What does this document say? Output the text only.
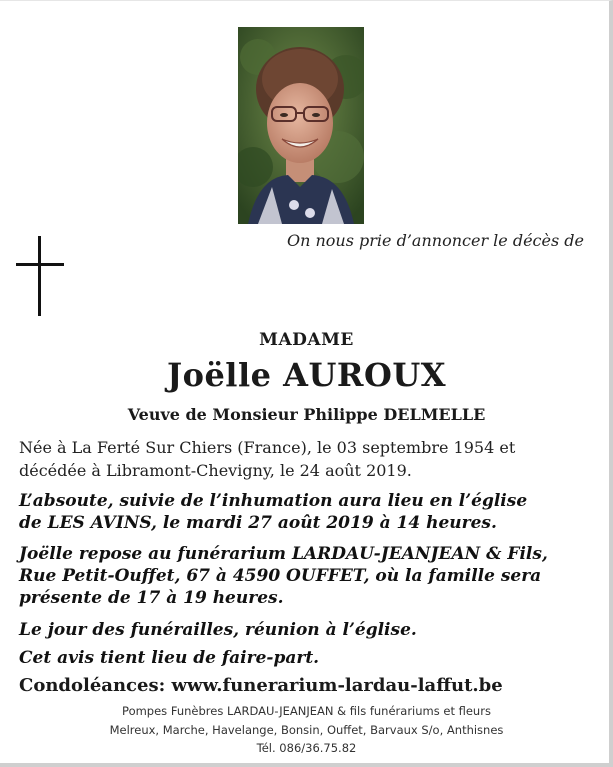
On nous prie d’annoncer le décès de
MADAME
Joëlle AUROUX
Veuve de Monsieur Philippe DELMELLE
Née à La Ferté Sur Chiers (France), le 03 septembre 1954 et
décédée à Libramont-Chevigny, le 24 août 2019.
L’absoute, suivie de l’inhumation aura lieu en l’église
de LES AVINS, le mardi 27 août 2019 à 14 heures.
Joëlle repose au funérarium LARDAU-JEANJEAN & Fils,
Rue Petit-Ouffet, 67 à 4590 OUFFET, où la famille sera
présente de 17 à 19 heures.
Le jour des funérailles, réunion à l’église.
Cet avis tient lieu de faire-part.
Condoléances: www.funerarium-lardau-laffut.be
Pompes Funèbres LARDAU-JEANJEAN & fils funérariums et fleurs
Melreux, Marche, Havelange, Bonsin, Ouffet, Barvaux S/o, Anthisnes
Tél. 086/36.75.82
